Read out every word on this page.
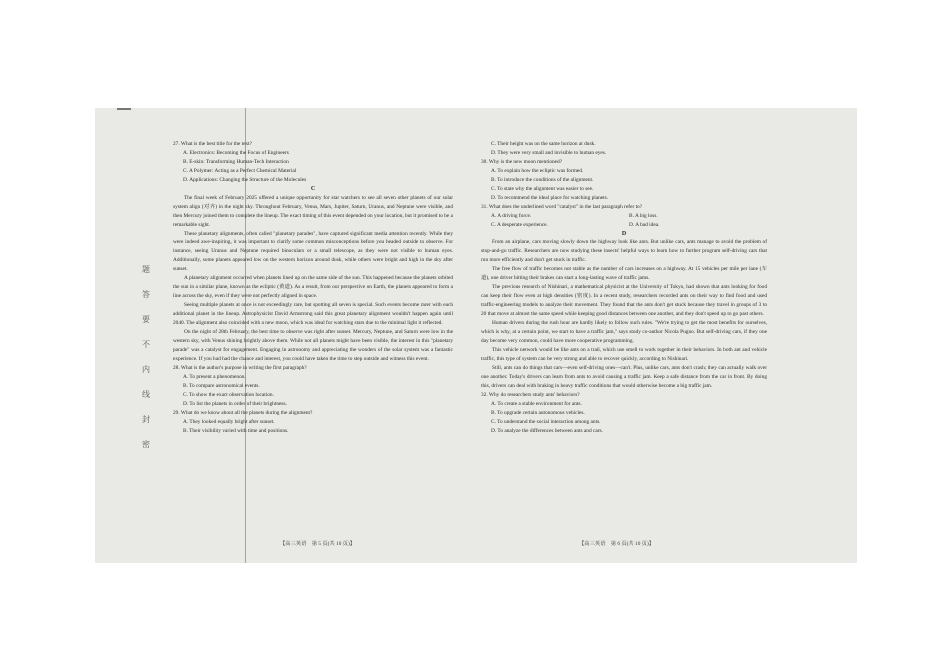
题
答
要
不
内
线
封
密

27. What is the best title for the text?

A. Electronics: Becoming the Focus of Engineers

B. E-skin: Transforming Human-Tech Interaction

C. A Polymer: Acting as a Perfect Chemical Material

D. Applications: Changing the Structure of the Molecules

C

The final week of February 2025 offered a unique opportunity for star watchers to see all seven other planets of our solar system align (对齐) in the night sky. Throughout February, Venus, Mars, Jupiter, Saturn, Uranus, and Neptune were visible, and then Mercury joined them to complete the lineup. The exact timing of this event depended on your location, but it promised to be a remarkable sight.

These planetary alignments, often called "planetary parades", have captured significant media attention recently. While they were indeed awe-inspiring, it was important to clarify some common misconceptions before you headed outside to observe. For instance, seeing Uranus and Neptune required binoculars or a small telescope, as they were not visible to human eyes. Additionally, some planets appeared low on the western horizon around dusk, while others were bright and high in the sky after sunset.

A planetary alignment occurred when planets lined up on the same side of the sun. This happened because the planets orbited the sun in a similar plane, known as the ecliptic (黄道). As a result, from our perspective on Earth, the planets appeared to form a line across the sky, even if they were not perfectly aligned in space.

Seeing multiple planets at once is not exceedingly rare, but spotting all seven is special. Such events become rarer with each additional planet in the lineup. Astrophysicist David Armstrong said this great planetary alignment wouldn't happen again until 2040. The alignment also coincided with a new moon, which was ideal for watching stars due to the minimal light it reflected.

On the night of 28th February, the best time to observe was right after sunset. Mercury, Neptune, and Saturn were low in the western sky, with Venus shining brightly above them. While not all planets might have been visible, the interest in this "planetary parade" was a catalyst for engagement. Engaging in astronomy and appreciating the wonders of the solar system was a fantastic experience. If you had had the chance and interest, you could have taken the time to step outside and witness this event.

28. What is the author's purpose in writing the first paragraph?

A. To present a phenomenon.

B. To compare astronomical events.

C. To show the exact observation location.

D. To list the planets in order of their brightness.

29. What do we know about all the planets during the alignment?

A. They looked equally bright after sunset.

B. Their visibility varied with time and positions.

C. Their height was on the same horizon at dusk.

D. They were very small and invisible to human eyes.

30. Why is the new moon mentioned?

A. To explain how the ecliptic was formed.

B. To introduce the conditions of the alignment.

C. To state why the alignment was easier to see.

D. To recommend the ideal place for watching planets.

31. What does the underlined word "catalyst" in the last paragraph refer to?

A. A driving force.	B. A big loss.
C. A desperate experience.	D. A bad idea.

D

From an airplane, cars moving slowly down the highway look like ants. But unlike cars, ants manage to avoid the problem of stop-and-go traffic. Researchers are now studying these insects' helpful ways to learn how to further program self-driving cars that run more efficiently and don't get stuck in traffic.

The free flow of traffic becomes not stable as the number of cars increases on a highway. At 15 vehicles per mile per lane (车道), one driver hitting their brakes can start a long-lasting wave of traffic jams.

The previous research of Nishinari, a mathematical physicist at the University of Tokyo, had shown that ants looking for food can keep their flow even at high densities (密度). In a recent study, researchers recorded ants on their way to find food and used traffic-engineering models to analyze their movement. They found that the ants don't get stuck because they travel in groups of 3 to 20 that move at almost the same speed while keeping good distances between one another, and they don't speed up to go past others.

Human drivers during the rush hour are hardly likely to follow such rules. "We're trying to get the most benefits for ourselves, which is why, at a certain point, we start to have a traffic jam," says study co-author Nicola Pugno. But self-driving cars, if they one day become very common, could have more cooperative programming.

This vehicle network would be like ants on a trail, which use smell to work together in their behaviors. In both ant and vehicle traffic, this type of system can be very strong and able to recover quickly, according to Nishinari.

Still, ants can do things that cars—even self-driving ones—can't. Plus, unlike cars, ants don't crash; they can actually walk over one another. Today's drivers can learn from ants to avoid causing a traffic jam. Keep a safe distance from the car in front. By doing this, drivers can deal with braking in heavy traffic conditions that would otherwise become a big traffic jam.

32. Why do researchers study ants' behaviors?

A. To create a stable environment for ants.

B. To upgrade certain autonomous vehicles.

C. To understand the social interaction among ants.

D. To analyze the differences between ants and cars.

【高三英语　第 5 页(共 10 页)】	【高三英语　第 6 页(共 10 页)】
